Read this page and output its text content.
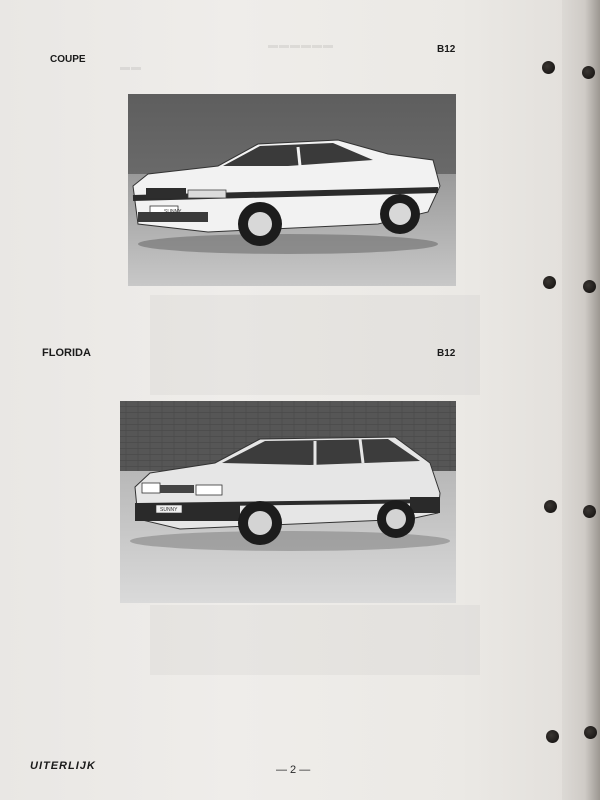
▬▬▬▬▬▬
▬▬
COUPE
B12
SUNNY
FLORIDA	B12
SUNNY
UITERLIJK	— 2 —
